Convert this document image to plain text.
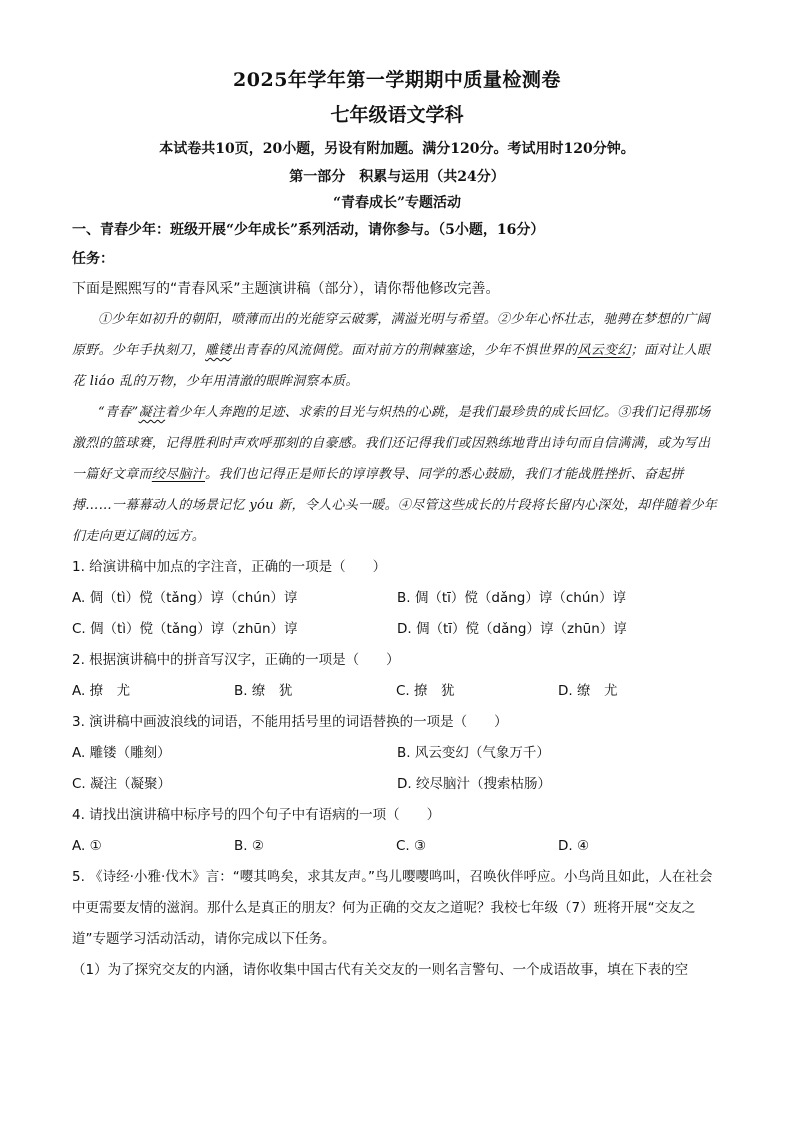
2025年学年第一学期期中质量检测卷
七年级语文学科
本试卷共10页，20小题，另设有附加题。满分120分。考试用时120分钟。
第一部分 积累与运用（共24分）
“青春成长”专题活动
一、青春少年：班级开展“少年成长”系列活动，请你参与。（5小题，16分）
任务：
下面是熙熙写的“青春风采”主题演讲稿（部分），请你帮他修改完善。

①少年如初升的朝阳，喷薄而出的光能穿云破雾，满溢光明与希望。②少年心怀壮志，驰骋在梦想的广阔原野。少年手执刻刀，雕镂出青春的风流倜傥。面对前方的荆棘塞途，少年不惧世界的风云变幻；面对让人眼花 liáo 乱的万物，少年用清澈的眼眸洞察本质。

“青春”凝注着少年人奔跑的足迹、求索的目光与炽热的心跳，是我们最珍贵的成长回忆。③我们记得那场激烈的篮球赛，记得胜利时声欢呼那刻的自豪感。我们还记得我们或因熟练地背出诗句而自信满满，或为写出一篇好文章而绞尽脑汁。我们也记得正是师长的谆谆教导、同学的悉心鼓励，我们才能战胜挫折、奋起拼搏……一幕幕动人的场景记忆 yóu 新，令人心头一暖。④尽管这些成长的片段将长留内心深处，却伴随着少年们走向更辽阔的远方。

1. 给演讲稿中加点的字注音，正确的一项是（　　）
A. 倜（tì）傥（tǎng）谆（chún）谆	B. 倜（tī）傥（dǎng）谆（chún）谆
C. 倜（tì）傥（tǎng）谆（zhūn）谆	D. 倜（tī）傥（dǎng）谆（zhūn）谆
2. 根据演讲稿中的拼音写汉字，正确的一项是（　　）
A. 撩　尤	B. 缭　犹	C. 撩　犹	D. 缭　尤
3. 演讲稿中画波浪线的词语，不能用括号里的词语替换的一项是（　　）
A. 雕镂（雕刻）	B. 风云变幻（气象万千）
C. 凝注（凝聚）	D. 绞尽脑汁（搜索枯肠）
4. 请找出演讲稿中标序号的四个句子中有语病的一项（　　）
A. ①	B. ②	C. ③	D. ④
5. 《诗经·小雅·伐木》言：“嘤其鸣矣，求其友声。”鸟儿嘤嘤鸣叫，召唤伙伴呼应。小鸟尚且如此，人在社会中更需要友情的滋润。那什么是真正的朋友？何为正确的交友之道呢？我校七年级（7）班将开展“交友之道”专题学习活动活动，请你完成以下任务。
（1）为了探究交友的内涵，请你收集中国古代有关交友的一则名言警句、一个成语故事，填在下表的空
